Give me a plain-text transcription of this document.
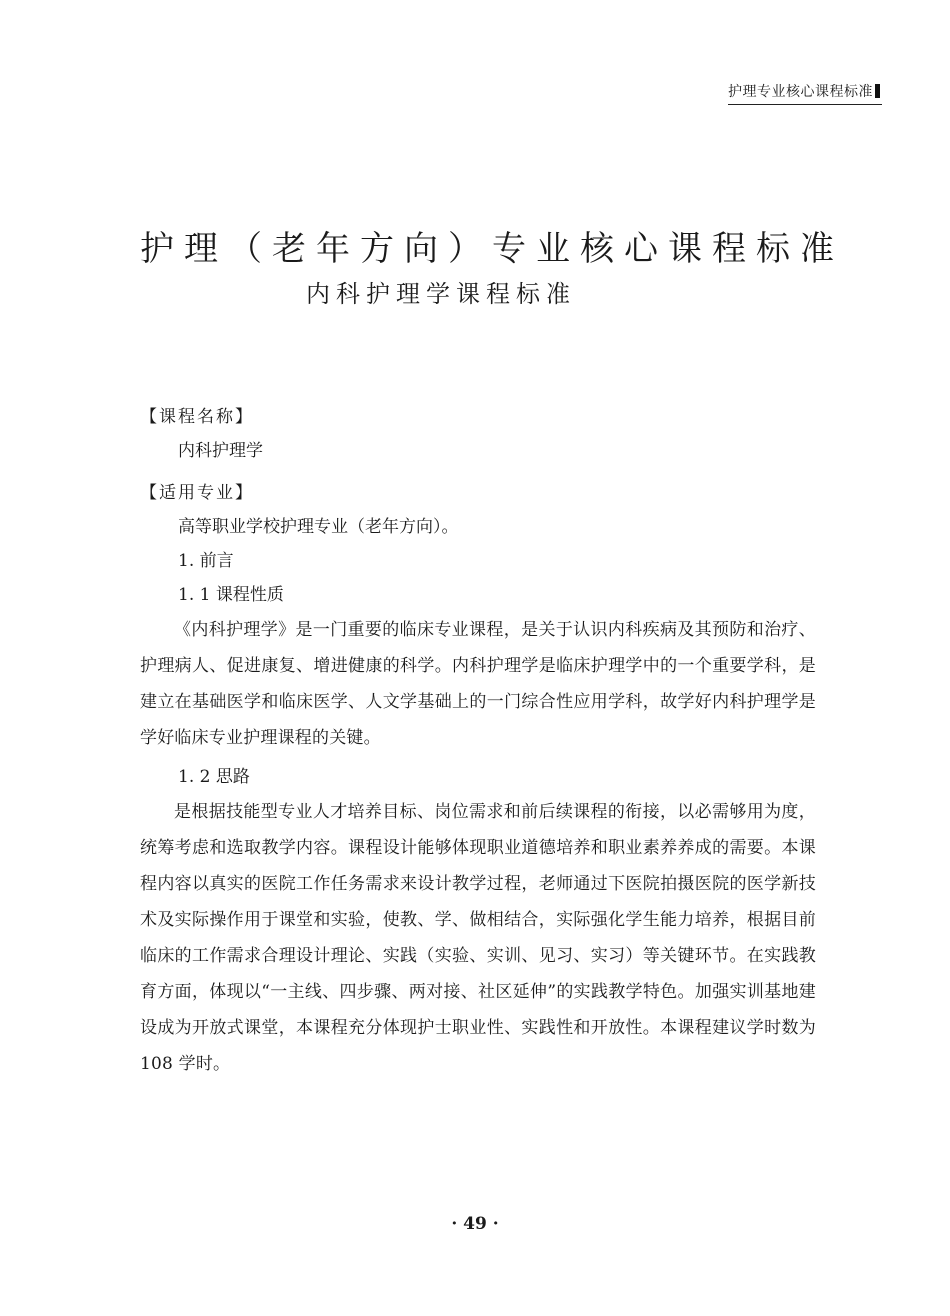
护理专业核心课程标准
护理（老年方向）专业核心课程标准
内科护理学课程标准

【课程名称】

内科护理学

【适用专业】

高等职业学校护理专业（老年方向）。

1. 前言

1. 1 课程性质

《内科护理学》是一门重要的临床专业课程，是关于认识内科疾病及其预防和治疗、护理病人、促进康复、增进健康的科学。内科护理学是临床护理学中的一个重要学科，是建立在基础医学和临床医学、人文学基础上的一门综合性应用学科，故学好内科护理学是学好临床专业护理课程的关键。

1. 2 思路

是根据技能型专业人才培养目标、岗位需求和前后续课程的衔接，以必需够用为度，统筹考虑和选取教学内容。课程设计能够体现职业道德培养和职业素养养成的需要。本课程内容以真实的医院工作任务需求来设计教学过程，老师通过下医院拍摄医院的医学新技术及实际操作用于课堂和实验，使教、学、做相结合，实际强化学生能力培养，根据目前临床的工作需求合理设计理论、实践（实验、实训、见习、实习）等关键环节。在实践教育方面，体现以“一主线、四步骤、两对接、社区延伸”的实践教学特色。加强实训基地建设成为开放式课堂，本课程充分体现护士职业性、实践性和开放性。本课程建议学时数为 108 学时。

· 49 ·
